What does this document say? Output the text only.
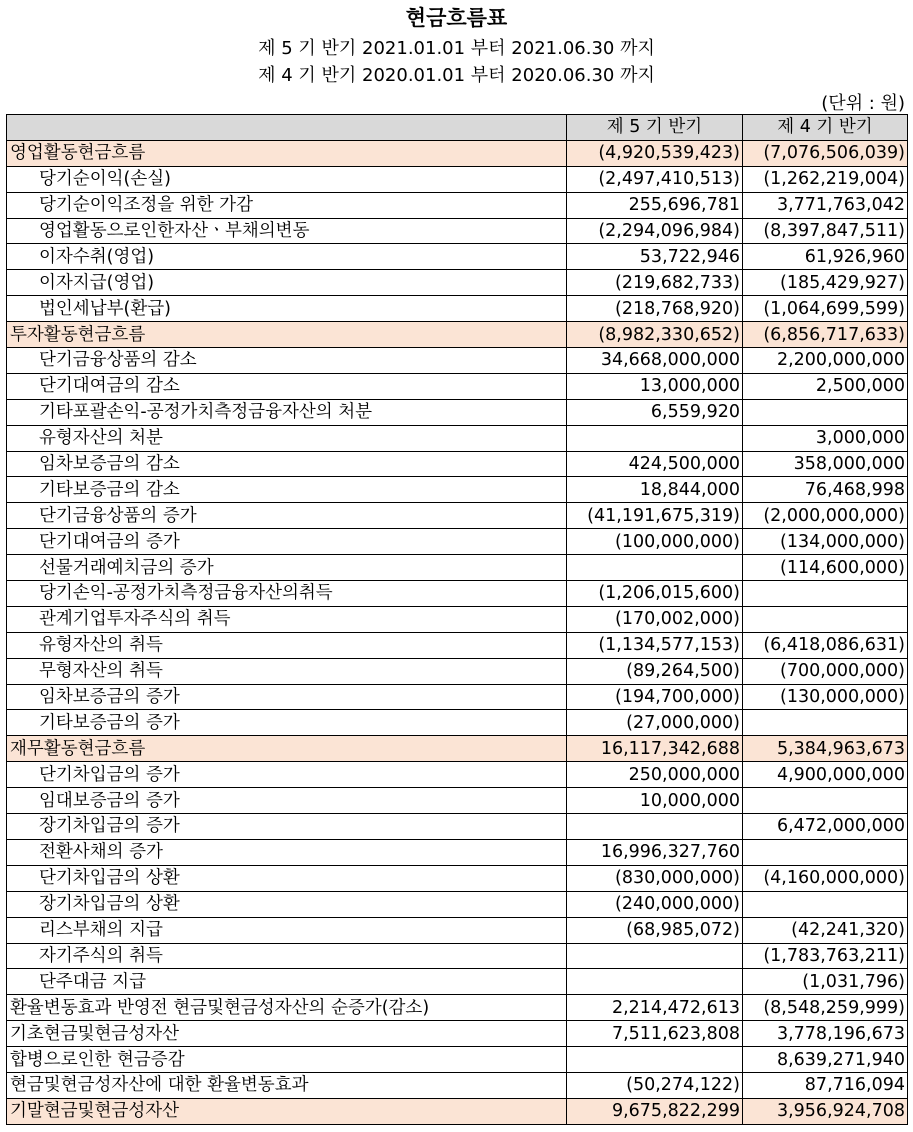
현금흐름표
제 5 기 반기 2021.01.01 부터 2021.06.30 까지
제 4 기 반기 2020.01.01 부터 2020.06.30 까지
(단위 : 원)
	제 5 기 반기	제 4 기 반기
영업활동현금흐름	(4,920,539,423)	(7,076,506,039)
당기순이익(손실)	(2,497,410,513)	(1,262,219,004)
당기순이익조정을 위한 가감	255,696,781	3,771,763,042
영업활동으로인한자산ㆍ부채의변동	(2,294,096,984)	(8,397,847,511)
이자수취(영업)	53,722,946	61,926,960
이자지급(영업)	(219,682,733)	(185,429,927)
법인세납부(환급)	(218,768,920)	(1,064,699,599)
투자활동현금흐름	(8,982,330,652)	(6,856,717,633)
단기금융상품의 감소	34,668,000,000	2,200,000,000
단기대여금의 감소	13,000,000	2,500,000
기타포괄손익-공정가치측정금융자산의 처분	6,559,920	
유형자산의 처분		3,000,000
임차보증금의 감소	424,500,000	358,000,000
기타보증금의 감소	18,844,000	76,468,998
단기금융상품의 증가	(41,191,675,319)	(2,000,000,000)
단기대여금의 증가	(100,000,000)	(134,000,000)
선물거래예치금의 증가		(114,600,000)
당기손익-공정가치측정금융자산의취득	(1,206,015,600)	
관계기업투자주식의 취득	(170,002,000)	
유형자산의 취득	(1,134,577,153)	(6,418,086,631)
무형자산의 취득	(89,264,500)	(700,000,000)
임차보증금의 증가	(194,700,000)	(130,000,000)
기타보증금의 증가	(27,000,000)	
재무활동현금흐름	16,117,342,688	5,384,963,673
단기차입금의 증가	250,000,000	4,900,000,000
임대보증금의 증가	10,000,000	
장기차입금의 증가		6,472,000,000
전환사채의 증가	16,996,327,760	
단기차입금의 상환	(830,000,000)	(4,160,000,000)
장기차입금의 상환	(240,000,000)	
리스부채의 지급	(68,985,072)	(42,241,320)
자기주식의 취득		(1,783,763,211)
단주대금 지급		(1,031,796)
환율변동효과 반영전 현금및현금성자산의 순증가(감소)	2,214,472,613	(8,548,259,999)
기초현금및현금성자산	7,511,623,808	3,778,196,673
합병으로인한 현금증감		8,639,271,940
현금및현금성자산에 대한 환율변동효과	(50,274,122)	87,716,094
기말현금및현금성자산	9,675,822,299	3,956,924,708
